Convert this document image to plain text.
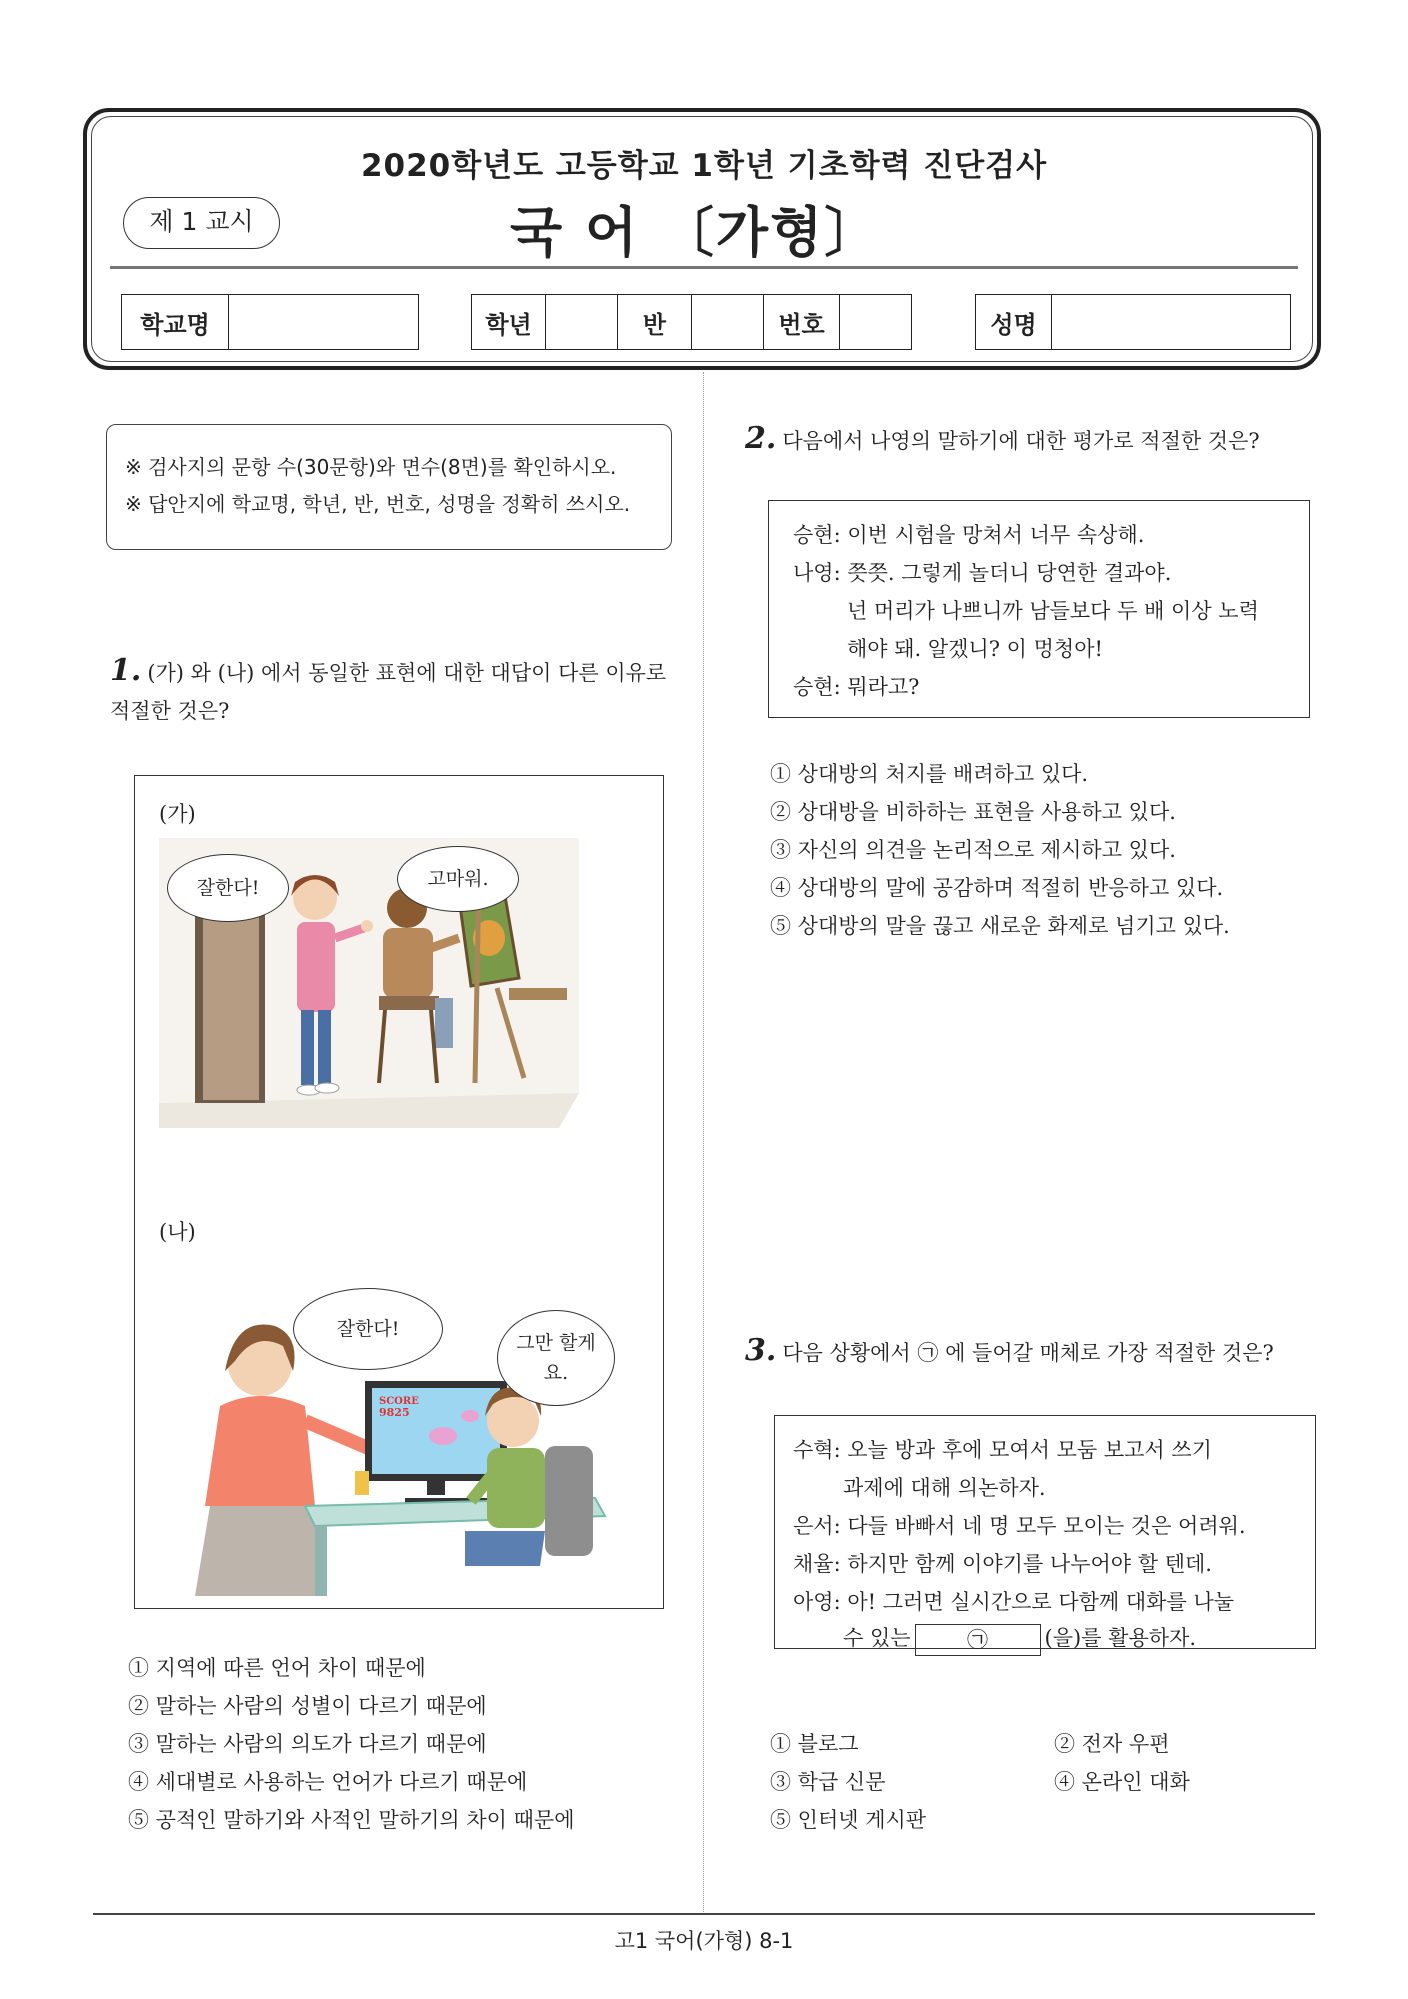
2020학년도 고등학교 1학년 기초학력 진단검사
제 1 교시	국 어 〔가형〕
학교명	학년	반	번호	성명
※ 검사지의 문항 수(30문항)와 면수(8면)를 확인하시오.
※ 답안지에 학교명, 학년, 반, 번호, 성명을 정확히 쓰시오.
1. (가) 와 (나) 에서 동일한 표현에 대한 대답이 다른 이유로 적절한 것은?
(가)
잘한다!	고마워.
(나)
SCORE
9825
잘한다!
그만 할게요.
① 지역에 따른 언어 차이 때문에
② 말하는 사람의 성별이 다르기 때문에
③ 말하는 사람의 의도가 다르기 때문에
④ 세대별로 사용하는 언어가 다르기 때문에
⑤ 공적인 말하기와 사적인 말하기의 차이 때문에
2. 다음에서 나영의 말하기에 대한 평가로 적절한 것은?
승현: 이번 시험을 망쳐서 너무 속상해.
나영: 쯧쯧. 그렇게 놀더니 당연한 결과야.
넌 머리가 나쁘니까 남들보다 두 배 이상 노력
해야 돼. 알겠니? 이 멍청아!
승현: 뭐라고?
① 상대방의 처지를 배려하고 있다.
② 상대방을 비하하는 표현을 사용하고 있다.
③ 자신의 의견을 논리적으로 제시하고 있다.
④ 상대방의 말에 공감하며 적절히 반응하고 있다.
⑤ 상대방의 말을 끊고 새로운 화제로 넘기고 있다.
3. 다음 상황에서 ㉠ 에 들어갈 매체로 가장 적절한 것은?
수혁: 오늘 방과 후에 모여서 모둠 보고서 쓰기
과제에 대해 의논하자.
은서: 다들 바빠서 네 명 모두 모이는 것은 어려워.
채율: 하지만 함께 이야기를 나누어야 할 텐데.
아영: 아! 그러면 실시간으로 다함께 대화를 나눌
수 있는	㉠	(을)를 활용하자.
① 블로그	② 전자 우편
③ 학급 신문	④ 온라인 대화
⑤ 인터넷 게시판
고1 국어(가형) 8-1
